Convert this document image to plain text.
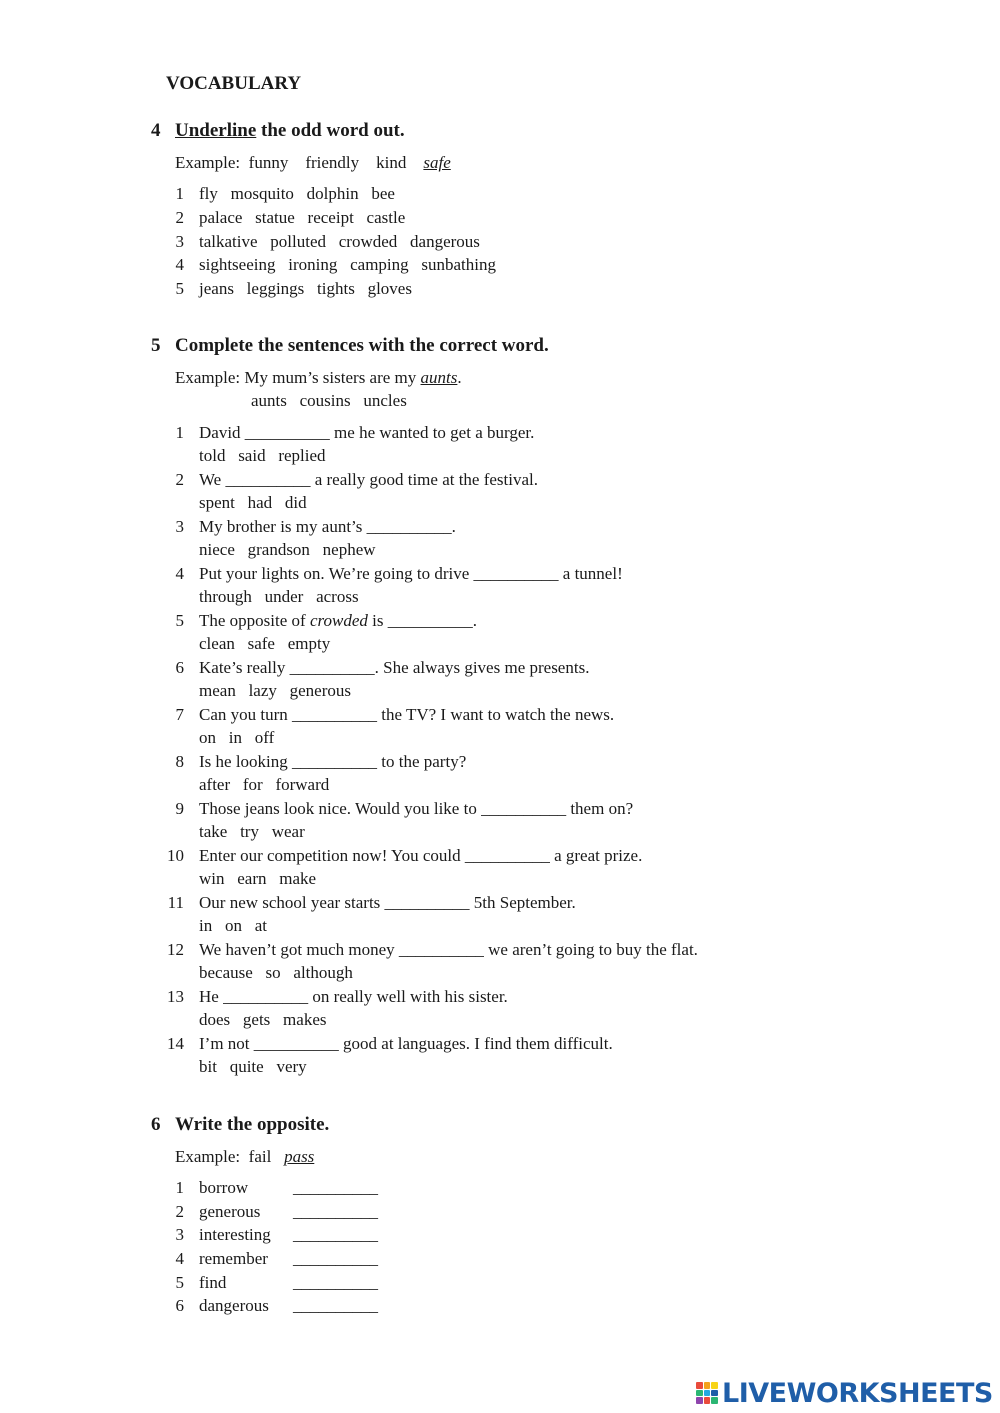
VOCABULARY
4 Underline the odd word out.
Example: funny friendly kind safe
1 fly   mosquito   dolphin   bee
2 palace   statue   receipt   castle
3 talkative   polluted   crowded   dangerous
4 sightseeing   ironing   camping   sunbathing
5 jeans   leggings   tights   gloves
5 Complete the sentences with the correct word.
Example: My mum’s sisters are my aunts.
aunts   cousins   uncles
1 David __________ me he wanted to get a burger.
told   said   replied
2 We __________ a really good time at the festival.
spent   had   did
3 My brother is my aunt’s __________.
niece   grandson   nephew
4 Put your lights on. We’re going to drive __________ a tunnel!
through   under   across
5 The opposite of crowded is __________.
clean   safe   empty
6 Kate’s really __________. She always gives me presents.
mean   lazy   generous
7 Can you turn __________ the TV? I want to watch the news.
on   in   off
8 Is he looking __________ to the party?
after   for   forward
9 Those jeans look nice. Would you like to __________ them on?
take   try   wear
10 Enter our competition now! You could __________ a great prize.
win   earn   make
11 Our new school year starts __________ 5th September.
in   on   at
12 We haven’t got much money __________ we aren’t going to buy the flat.
because   so   although
13 He __________ on really well with his sister.
does   gets   makes
14 I’m not __________ good at languages. I find them difficult.
bit   quite   very
6 Write the opposite.
Example: fail pass
1 borrow	__________
2 generous __________
3 interesting __________
4 remember __________
5 find	__________
6 dangerous __________
LIVEWORKSHEETS
